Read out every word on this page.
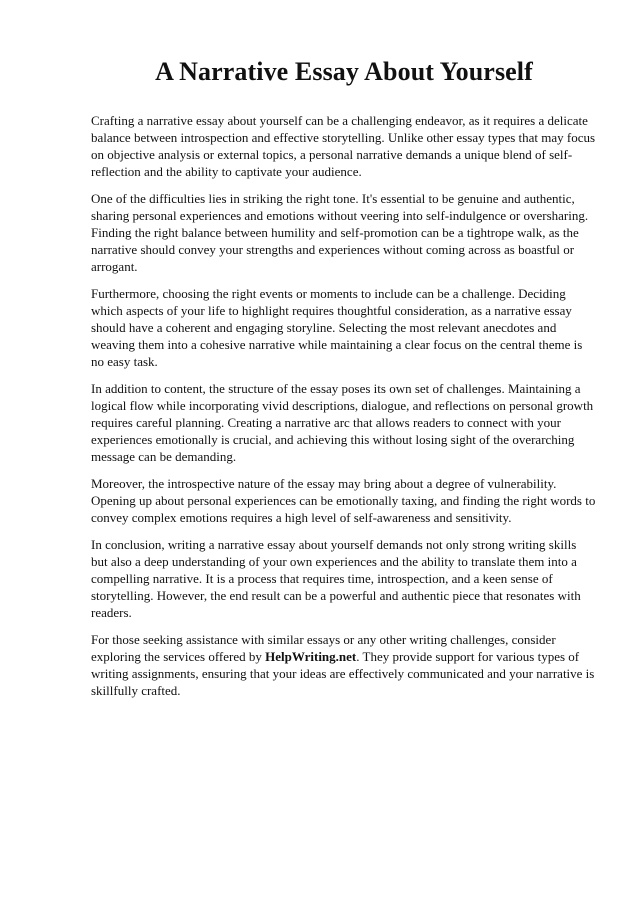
A Narrative Essay About Yourself

Crafting a narrative essay about yourself can be a challenging endeavor, as it requires a delicate balance between introspection and effective storytelling. Unlike other essay types that may focus on objective analysis or external topics, a personal narrative demands a unique blend of self-reflection and the ability to captivate your audience.

One of the difficulties lies in striking the right tone. It's essential to be genuine and authentic, sharing personal experiences and emotions without veering into self-indulgence or oversharing. Finding the right balance between humility and self-promotion can be a tightrope walk, as the narrative should convey your strengths and experiences without coming across as boastful or arrogant.

Furthermore, choosing the right events or moments to include can be a challenge. Deciding which aspects of your life to highlight requires thoughtful consideration, as a narrative essay should have a coherent and engaging storyline. Selecting the most relevant anecdotes and weaving them into a cohesive narrative while maintaining a clear focus on the central theme is no easy task.

In addition to content, the structure of the essay poses its own set of challenges. Maintaining a logical flow while incorporating vivid descriptions, dialogue, and reflections on personal growth requires careful planning. Creating a narrative arc that allows readers to connect with your experiences emotionally is crucial, and achieving this without losing sight of the overarching message can be demanding.

Moreover, the introspective nature of the essay may bring about a degree of vulnerability. Opening up about personal experiences can be emotionally taxing, and finding the right words to convey complex emotions requires a high level of self-awareness and sensitivity.

In conclusion, writing a narrative essay about yourself demands not only strong writing skills but also a deep understanding of your own experiences and the ability to translate them into a compelling narrative. It is a process that requires time, introspection, and a keen sense of storytelling. However, the end result can be a powerful and authentic piece that resonates with readers.

For those seeking assistance with similar essays or any other writing challenges, consider exploring the services offered by HelpWriting.net. They provide support for various types of writing assignments, ensuring that your ideas are effectively communicated and your narrative is skillfully crafted.
